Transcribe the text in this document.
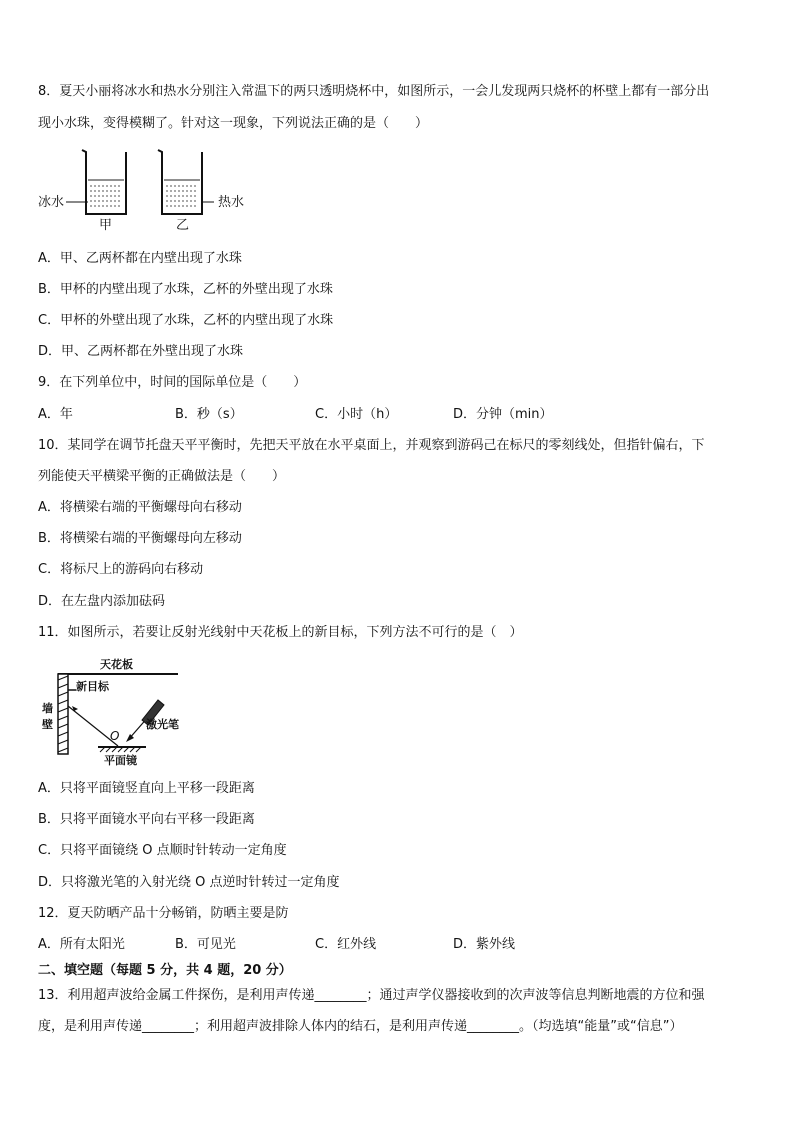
8．夏天小丽将冰水和热水分别注入常温下的两只透明烧杯中，如图所示，一会儿发现两只烧杯的杯壁上都有一部分出
现小水珠，变得模糊了。针对这一现象，下列说法正确的是（　　）
冰水
甲
热水
乙
A．甲、乙两杯都在内壁出现了水珠
B．甲杯的内壁出现了水珠，乙杯的外壁出现了水珠
C．甲杯的外壁出现了水珠，乙杯的内壁出现了水珠
D．甲、乙两杯都在外壁出现了水珠
9．在下列单位中，时间的国际单位是（　　）
A．年	B．秒（s）	C．小时（h）	D．分钟（min）
10．某同学在调节托盘天平平衡时，先把天平放在水平桌面上，并观察到游码己在标尺的零刻线处，但指针偏右，下
列能使天平横梁平衡的正确做法是（　　）
A．将横梁右端的平衡螺母向右移动
B．将横梁右端的平衡螺母向左移动
C．将标尺上的游码向右移动
D．在左盘内添加砝码
11．如图所示，若要让反射光线射中天花板上的新目标，下列方法不可行的是（　）
天花板
墙
壁
新目标
激光笔
O
平面镜
A．只将平面镜竖直向上平移一段距离
B．只将平面镜水平向右平移一段距离
C．只将平面镜绕 O 点顺时针转动一定角度
D．只将激光笔的入射光绕 O 点逆时针转过一定角度
12．夏天防晒产品十分畅销，防晒主要是防
A．所有太阳光	B．可见光	C．红外线	D．紫外线
二、填空题（每题 5 分，共 4 题，20 分）
13．利用超声波给金属工件探伤，是利用声传递________；通过声学仪器接收到的次声波等信息判断地震的方位和强
度，是利用声传递________；利用超声波排除人体内的结石，是利用声传递________。（均选填“能量”或“信息”）
